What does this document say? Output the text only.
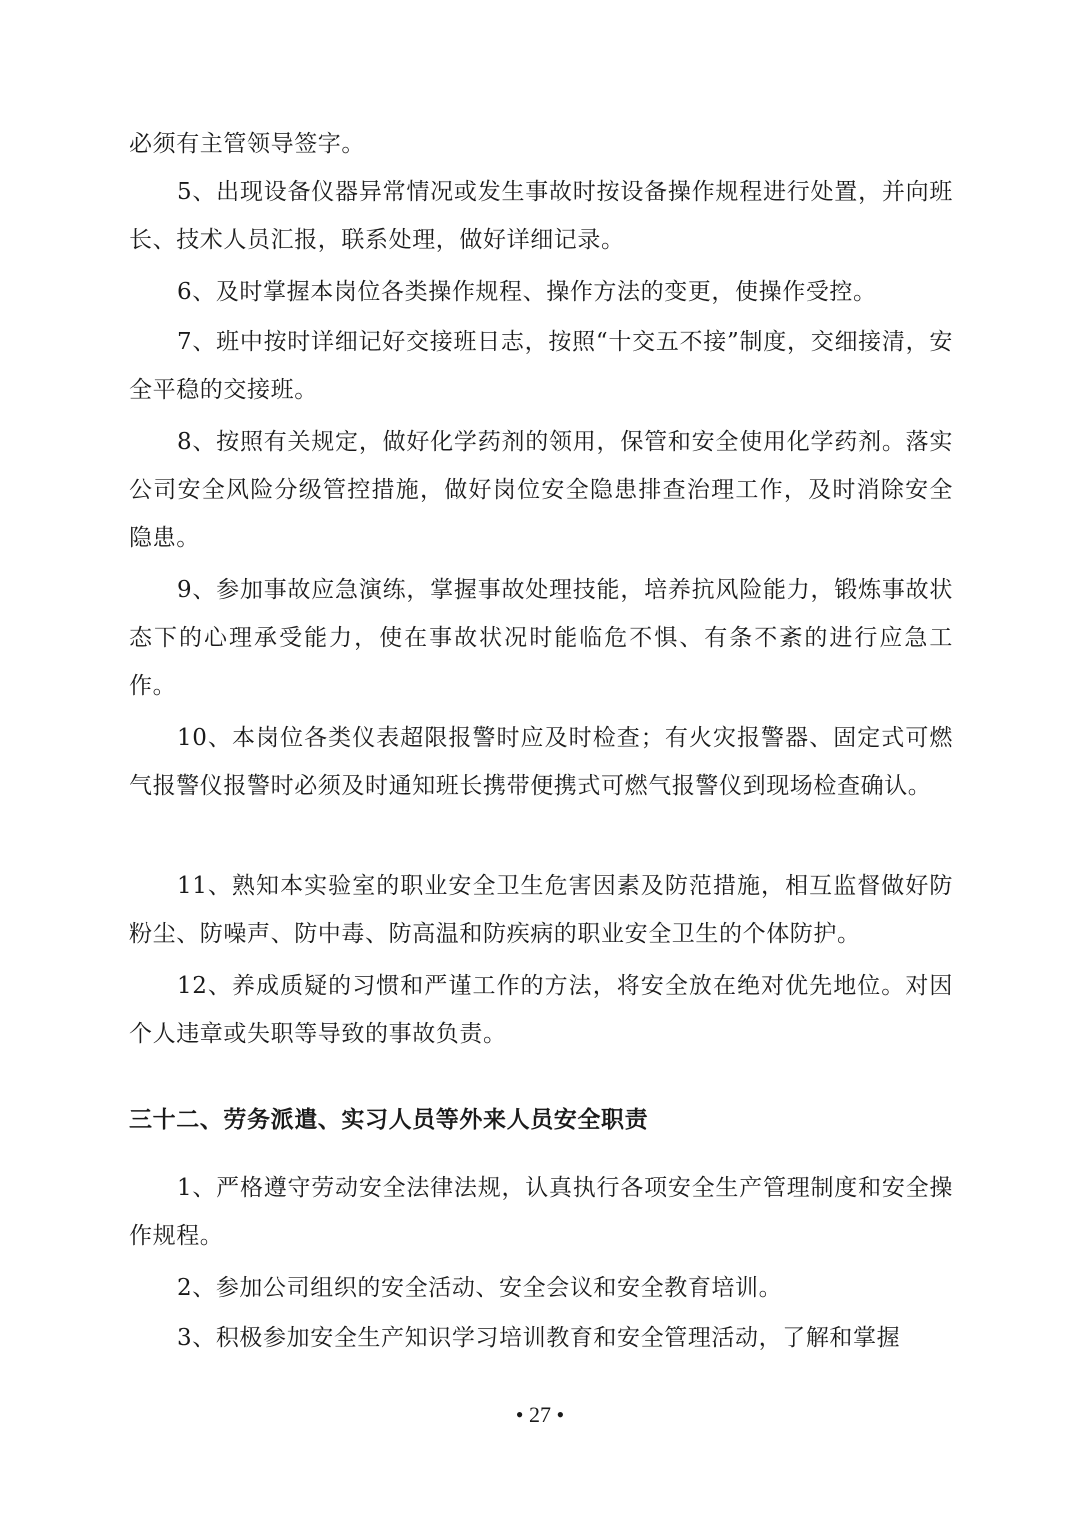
必须有主管领导签字。

5、出现设备仪器异常情况或发生事故时按设备操作规程进行处置，并向班长、技术人员汇报，联系处理，做好详细记录。

6、及时掌握本岗位各类操作规程、操作方法的变更，使操作受控。

7、班中按时详细记好交接班日志，按照“十交五不接”制度，交细接清，安全平稳的交接班。

8、按照有关规定，做好化学药剂的领用，保管和安全使用化学药剂。落实公司安全风险分级管控措施，做好岗位安全隐患排查治理工作，及时消除安全隐患。

9、参加事故应急演练，掌握事故处理技能，培养抗风险能力，锻炼事故状态下的心理承受能力，使在事故状况时能临危不惧、有条不紊的进行应急工作。

10、本岗位各类仪表超限报警时应及时检查；有火灾报警器、固定式可燃气报警仪报警时必须及时通知班长携带便携式可燃气报警仪到现场检查确认。

11、熟知本实验室的职业安全卫生危害因素及防范措施，相互监督做好防粉尘、防噪声、防中毒、防高温和防疾病的职业安全卫生的个体防护。

12、养成质疑的习惯和严谨工作的方法，将安全放在绝对优先地位。对因个人违章或失职等导致的事故负责。

三十二、劳务派遣、实习人员等外来人员安全职责

1、严格遵守劳动安全法律法规，认真执行各项安全生产管理制度和安全操作规程。

2、参加公司组织的安全活动、安全会议和安全教育培训。

3、积极参加安全生产知识学习培训教育和安全管理活动，了解和掌握

• 27 •
